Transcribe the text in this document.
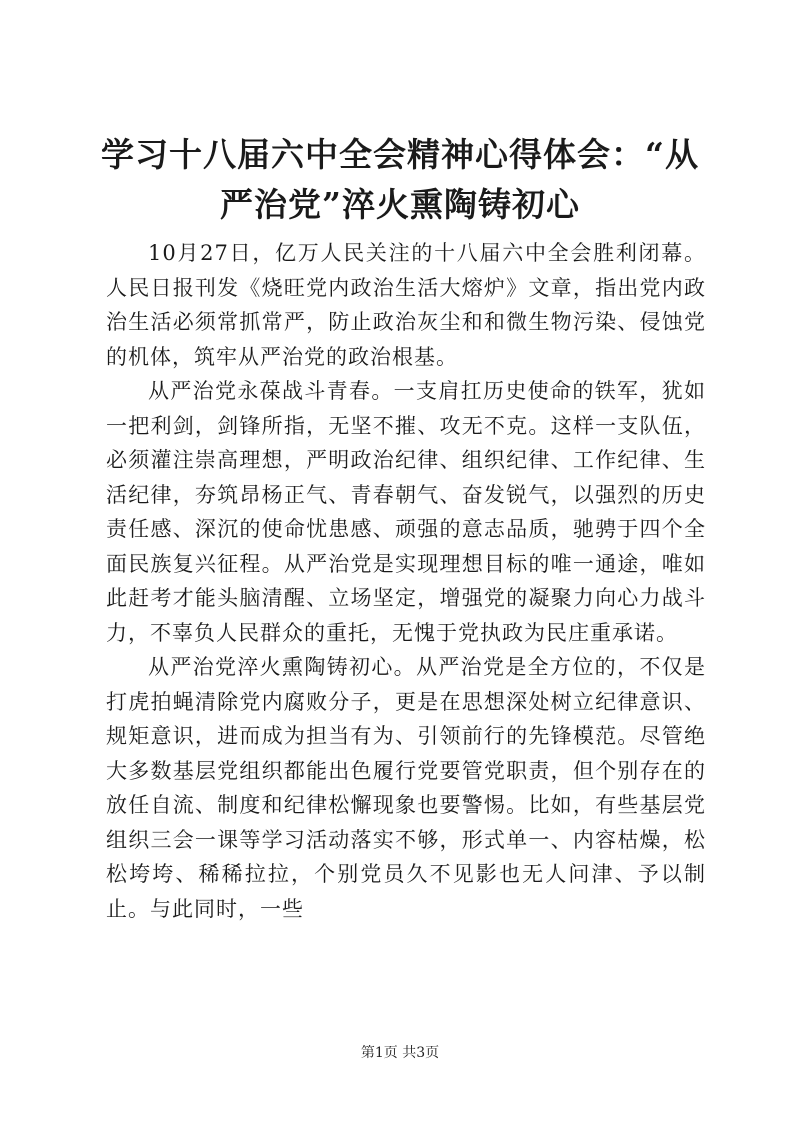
学习十八届六中全会精神心得体会：“从严治党”淬火熏陶铸初心

10月27日，亿万人民关注的十八届六中全会胜利闭幕。人民日报刊发《烧旺党内政治生活大熔炉》文章，指出党内政治生活必须常抓常严，防止政治灰尘和和微生物污染、侵蚀党的机体，筑牢从严治党的政治根基。

从严治党永葆战斗青春。一支肩扛历史使命的铁军，犹如一把利剑，剑锋所指，无坚不摧、攻无不克。这样一支队伍，必须灌注崇高理想，严明政治纪律、组织纪律、工作纪律、生活纪律，夯筑昂杨正气、青春朝气、奋发锐气，以强烈的历史责任感、深沉的使命忧患感、顽强的意志品质，驰骋于四个全面民族复兴征程。从严治党是实现理想目标的唯一通途，唯如此赶考才能头脑清醒、立场坚定，增强党的凝聚力向心力战斗力，不辜负人民群众的重托，无愧于党执政为民庄重承诺。

从严治党淬火熏陶铸初心。从严治党是全方位的，不仅是打虎拍蝇清除党内腐败分子，更是在思想深处树立纪律意识、规矩意识，进而成为担当有为、引领前行的先锋模范。尽管绝大多数基层党组织都能出色履行党要管党职责，但个别存在的放任自流、制度和纪律松懈现象也要警惕。比如，有些基层党组织三会一课等学习活动落实不够，形式单一、内容枯燥，松松垮垮、稀稀拉拉，个别党员久不见影也无人问津、予以制止。与此同时，一些

第1页 共3页
